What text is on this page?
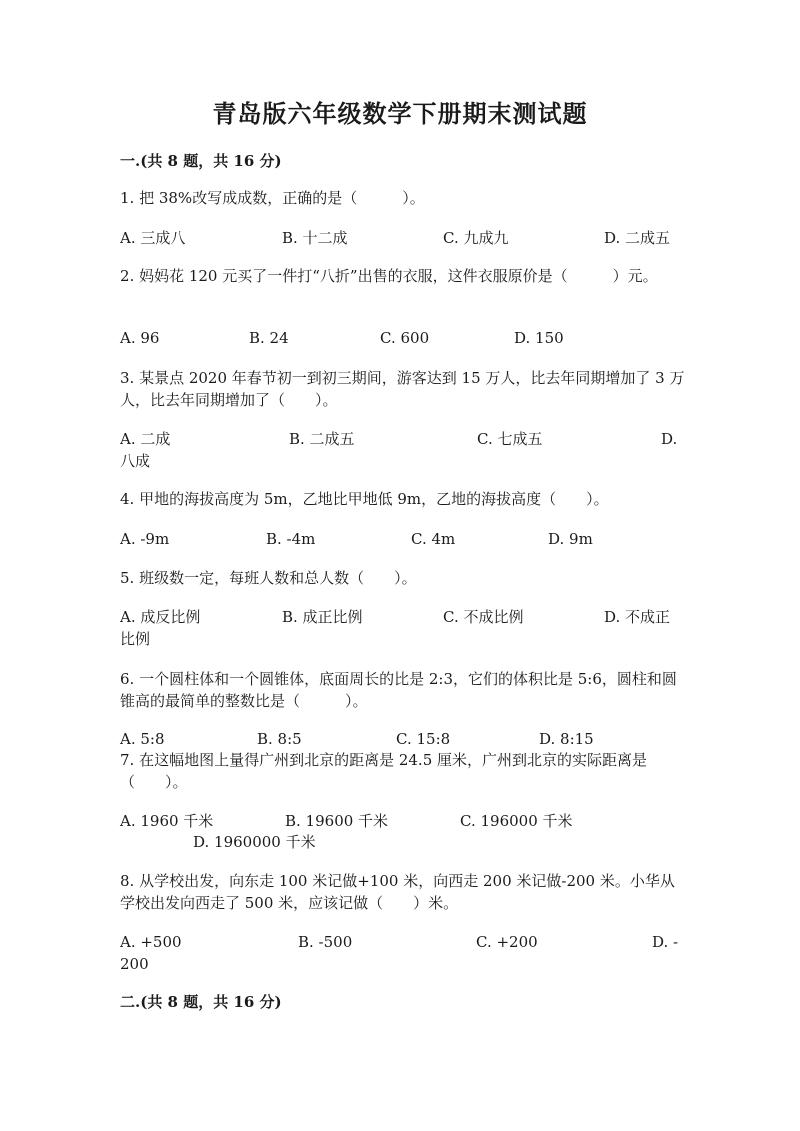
青岛版六年级数学下册期末测试题
一.(共 8 题，共 16 分)
1. 把 38%改写成成数，正确的是（　　　）。
A. 三成八	B. 十二成	C. 九成九	D. 二成五
2. 妈妈花 120 元买了一件打“八折”出售的衣服，这件衣服原价是（　　　）元。
A. 96	B. 24	C. 600	D. 150
3. 某景点 2020 年春节初一到初三期间，游客达到 15 万人，比去年同期增加了 3 万人，比去年同期增加了（　　）。
A. 二成	B. 二成五	C. 七成五	D.
八成
4. 甲地的海拔高度为 5m，乙地比甲地低 9m，乙地的海拔高度（　　）。
A. -9m	B. -4m	C. 4m	D. 9m
5. 班级数一定，每班人数和总人数（　　）。
A. 成反比例	B. 成正比例	C. 不成比例	D. 不成正
比例
6. 一个圆柱体和一个圆锥体，底面周长的比是 2:3，它们的体积比是 5:6，圆柱和圆锥高的最简单的整数比是（　　　）。
A. 5:8	B. 8:5	C. 15:8	D. 8:15
7. 在这幅地图上量得广州到北京的距离是 24.5 厘米，广州到北京的实际距离是（　　）。
A. 1960 千米	B. 19600 千米	C. 196000 千米
D. 1960000 千米
8. 从学校出发，向东走 100 米记做+100 米，向西走 200 米记做-200 米。小华从学校出发向西走了 500 米，应该记做（　　）米。
A. +500	B. -500	C. +200	D. -
200
二.(共 8 题，共 16 分)
